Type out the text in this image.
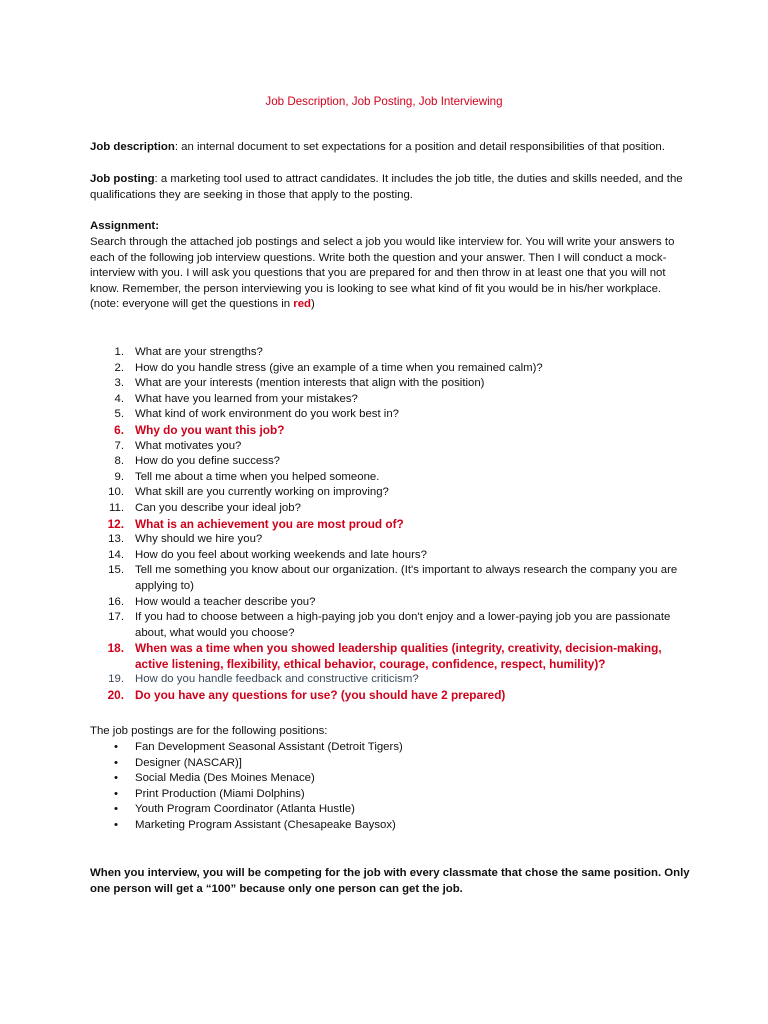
Job Description, Job Posting, Job Interviewing
Job description: an internal document to set expectations for a position and detail responsibilities of that position.
Job posting: a marketing tool used to attract candidates. It includes the job title, the duties and skills needed, and the qualifications they are seeking in those that apply to the posting.
Assignment:
Search through the attached job postings and select a job you would like interview for. You will write your answers to each of the following job interview questions. Write both the question and your answer. Then I will conduct a mock-interview with you. I will ask you questions that you are prepared for and then throw in at least one that you will not know. Remember, the person interviewing you is looking to see what kind of fit you would be in his/her workplace. (note: everyone will get the questions in red)
1. What are your strengths?
2. How do you handle stress (give an example of a time when you remained calm)?
3. What are your interests (mention interests that align with the position)
4. What have you learned from your mistakes?
5. What kind of work environment do you work best in?
6. Why do you want this job?
7. What motivates you?
8. How do you define success?
9. Tell me about a time when you helped someone.
10. What skill are you currently working on improving?
11. Can you describe your ideal job?
12. What is an achievement you are most proud of?
13. Why should we hire you?
14. How do you feel about working weekends and late hours?
15. Tell me something you know about our organization. (It's important to always research the company you are applying to)
16. How would a teacher describe you?
17. If you had to choose between a high-paying job you don't enjoy and a lower-paying job you are passionate about, what would you choose?
18. When was a time when you showed leadership qualities (integrity, creativity, decision-making, active listening, flexibility, ethical behavior, courage, confidence, respect, humility)?
19. How do you handle feedback and constructive criticism?
20. Do you have any questions for use? (you should have 2 prepared)
The job postings are for the following positions:
• Fan Development Seasonal Assistant (Detroit Tigers)
• Designer (NASCAR)]
• Social Media (Des Moines Menace)
• Print Production (Miami Dolphins)
• Youth Program Coordinator (Atlanta Hustle)
• Marketing Program Assistant (Chesapeake Baysox)
When you interview, you will be competing for the job with every classmate that chose the same position. Only one person will get a “100” because only one person can get the job.
